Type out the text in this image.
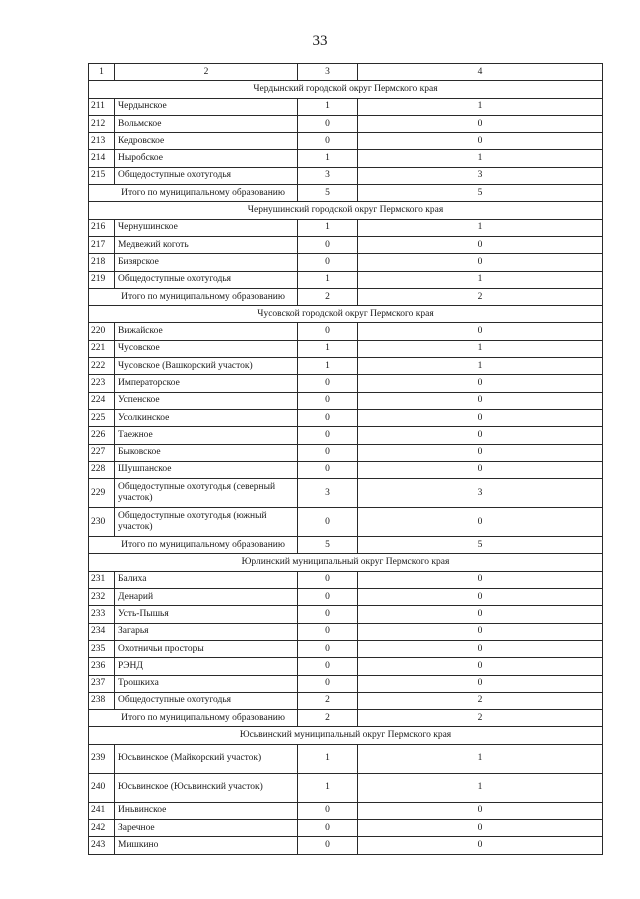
33
1	2	3	4
Чердынский городской округ Пермского края			
211	Чердынское	1	1
212	Вольмское	0	0
213	Кедровское	0	0
214	Ныробское	1	1
215	Общедоступные охотугодья	3	3
Итого по муниципальному образованию		5	5
Чернушинский городской округ Пермского края			
216	Чернушинское	1	1
217	Медвежий коготь	0	0
218	Бизярское	0	0
219	Общедоступные охотугодья	1	1
Итого по муниципальному образованию		2	2
Чусовской городской округ Пермского края			
220	Вижайское	0	0
221	Чусовское	1	1
222	Чусовское (Вашкорский участок)	1	1
223	Императорское	0	0
224	Успенское	0	0
225	Усолкинское	0	0
226	Таежное	0	0
227	Быковское	0	0
228	Шушпанское	0	0
229	Общедоступные охотугодья (северный участок)	3	3
230	Общедоступные охотугодья (южный участок)	0	0
Итого по муниципальному образованию		5	5
Юрлинский муниципальный округ Пермского края			
231	Балиха	0	0
232	Денарий	0	0
233	Усть-Пышья	0	0
234	Загарья	0	0
235	Охотничьи просторы	0	0
236	РЭНД	0	0
237	Трошкиха	0	0
238	Общедоступные охотугодья	2	2
Итого по муниципальному образованию		2	2
Юсьвинский муниципальный округ Пермского края			
239	Юсьвинское (Майкорский участок)	1	1
240	Юсьвинское (Юсьвинский участок)	1	1
241	Иньвинское	0	0
242	Заречное	0	0
243	Мишкино	0	0
